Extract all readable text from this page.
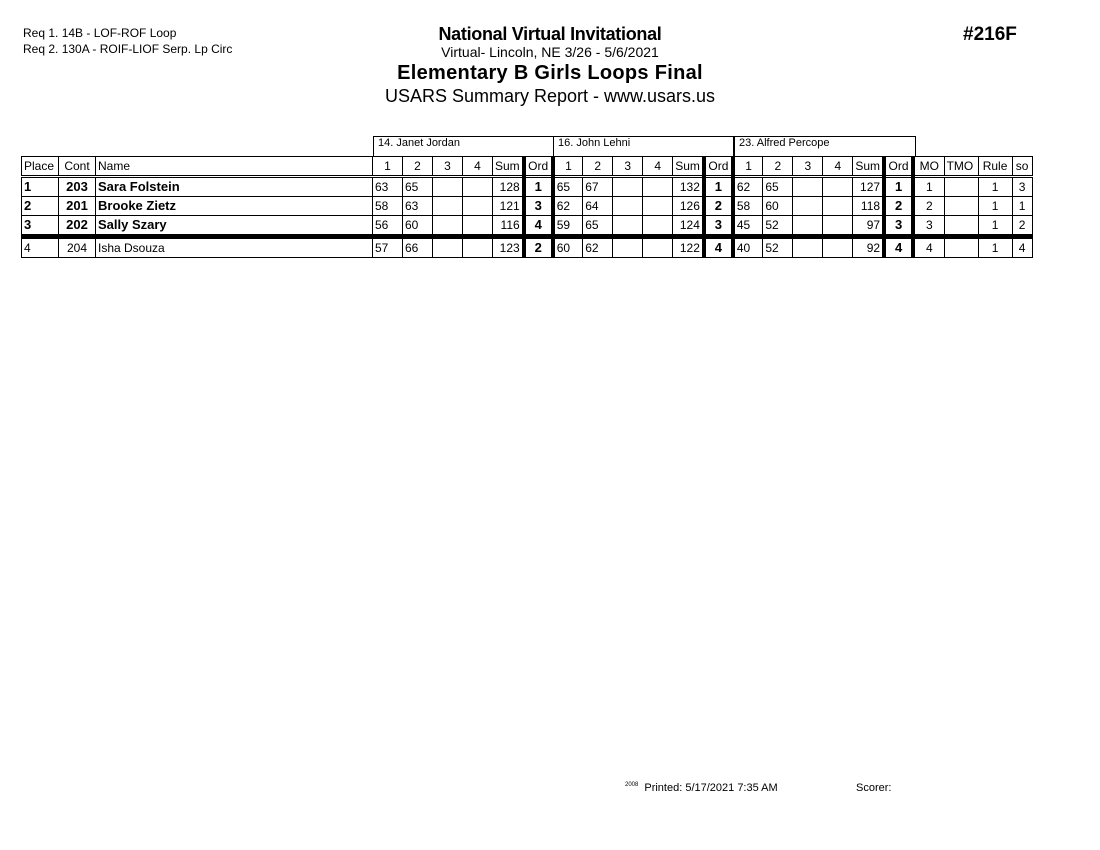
Req 1. 14B - LOF-ROF Loop
Req 2. 130A - ROIF-LIOF Serp. Lp Circ
National Virtual Invitational
Virtual- Lincoln, NE 3/26 - 5/6/2021
Elementary B Girls Loops Final
USARS Summary Report - www.usars.us
#216F
14. Janet Jordan	16. John Lehni	23. Alfred Percope
Place	Cont	Name	1	2	3	4	Sum	Ord	1	2	3	4	Sum	Ord	1	2	3	4	Sum	Ord	MO	TMO	Rule	so
1	203	Sara Folstein	63	65			128	1	65	67			132	1	62	65			127	1	1		1	3
2	201	Brooke Zietz	58	63			121	3	62	64			126	2	58	60			118	2	2		1	1
3	202	Sally Szary	56	60			116	4	59	65			124	3	45	52			97	3	3		1	2
4	204	Isha Dsouza	57	66			123	2	60	62			122	4	40	52			92	4	4		1	4
$^{2008}$ Printed: 5/17/2021 7:35 AM	Scorer:
